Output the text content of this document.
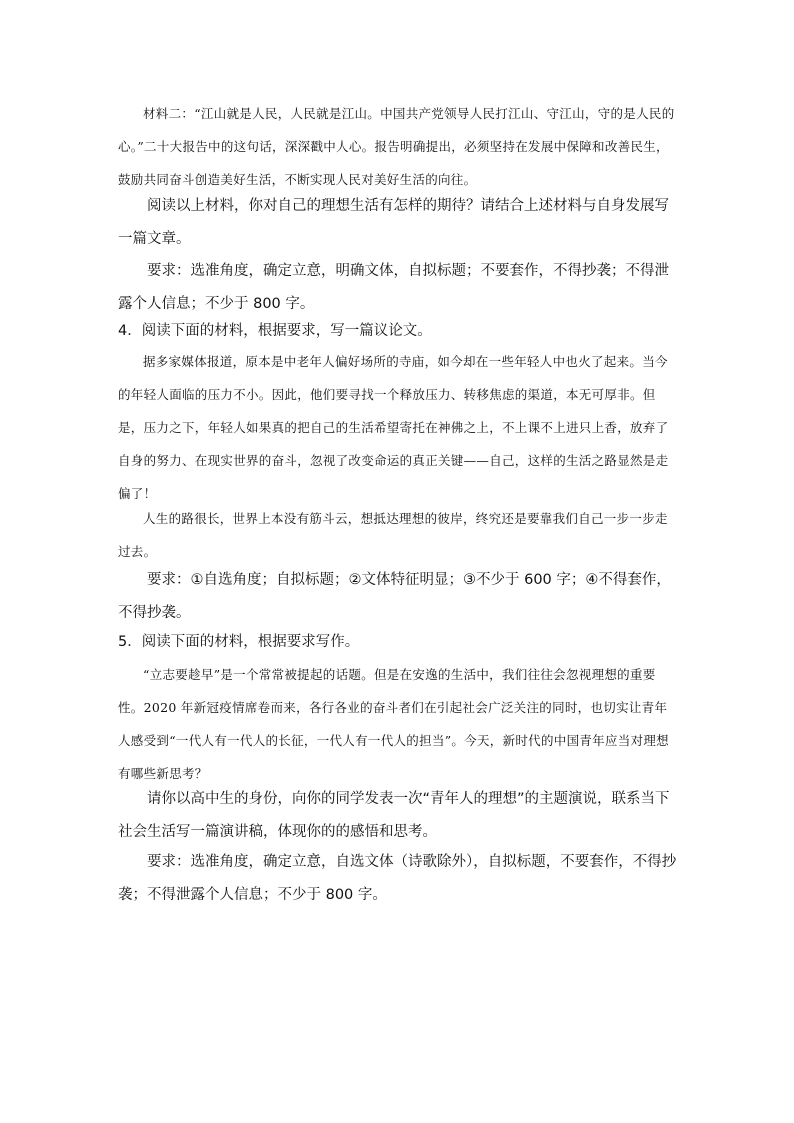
材料二：“江山就是人民，人民就是江山。中国共产党领导人民打江山、守江山，守的是人民的心。”二十大报告中的这句话，深深戳中人心。报告明确提出，必须坚持在发展中保障和改善民生，鼓励共同奋斗创造美好生活，不断实现人民对美好生活的向往。

阅读以上材料，你对自己的理想生活有怎样的期待？请结合上述材料与自身发展写一篇文章。

要求：选准角度，确定立意，明确文体，自拟标题；不要套作，不得抄袭；不得泄露个人信息；不少于 800 字。

4．阅读下面的材料，根据要求，写一篇议论文。

据多家媒体报道，原本是中老年人偏好场所的寺庙，如今却在一些年轻人中也火了起来。当今的年轻人面临的压力不小。因此，他们要寻找一个释放压力、转移焦虑的渠道，本无可厚非。但是，压力之下，年轻人如果真的把自己的生活希望寄托在神佛之上，不上课不上进只上香，放弃了自身的努力、在现实世界的奋斗，忽视了改变命运的真正关键——自己，这样的生活之路显然是走偏了！

人生的路很长，世界上本没有筋斗云，想抵达理想的彼岸，终究还是要靠我们自己一步一步走过去。

要求：①自选角度；自拟标题；②文体特征明显；③不少于 600 字；④不得套作，不得抄袭。

5．阅读下面的材料，根据要求写作。

“立志要趁早”是一个常常被提起的话题。但是在安逸的生活中，我们往往会忽视理想的重要性。2020 年新冠疫情席卷而来，各行各业的奋斗者们在引起社会广泛关注的同时，也切实让青年人感受到“一代人有一代人的长征，一代人有一代人的担当”。今天，新时代的中国青年应当对理想有哪些新思考？

请你以高中生的身份，向你的同学发表一次“青年人的理想”的主题演说，联系当下社会生活写一篇演讲稿，体现你的的感悟和思考。

要求：选准角度，确定立意，自选文体（诗歌除外），自拟标题，不要套作，不得抄袭；不得泄露个人信息；不少于 800 字。
